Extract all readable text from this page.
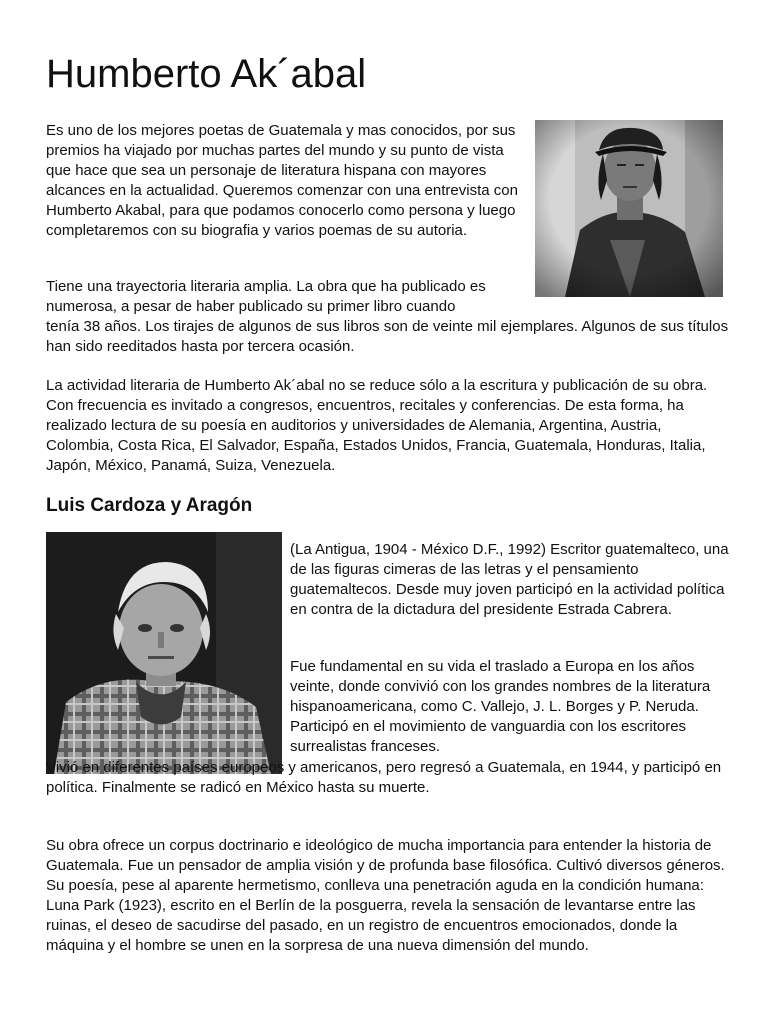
Humberto Ak´abal

Es uno de los mejores poetas de Guatemala y mas conocidos, por sus premios ha viajado por muchas partes del mundo y su punto de vista que hace que sea un personaje de literatura hispana con mayores alcances en la actualidad. Queremos comenzar con una entrevista con Humberto Akabal, para que podamos conocerlo como persona y luego completaremos con su biografia y varios poemas de su autoria.

Tiene una trayectoria literaria amplia. La obra que ha publicado es numerosa, a pesar de haber publicado su primer libro cuando
tenía 38 años. Los tirajes de algunos de sus libros son de veinte mil ejemplares. Algunos de sus títulos han sido reeditados hasta por tercera ocasión.

La actividad literaria de Humberto Ak´abal no se reduce sólo a la escritura y publicación de su obra. Con frecuencia es invitado a congresos, encuentros, recitales y conferencias. De esta forma, ha realizado lectura de su poesía en auditorios y universidades de Alemania, Argentina, Austria, Colombia, Costa Rica, El Salvador, España, Estados Unidos, Francia, Guatemala, Honduras, Italia, Japón, México, Panamá, Suiza, Venezuela.

Luis Cardoza y Aragón

(La Antigua, 1904 - México D.F., 1992) Escritor guatemalteco, una de las figuras cimeras de las letras y el pensamiento guatemaltecos. Desde muy joven participó en la actividad política en contra de la dictadura del presidente Estrada Cabrera.

Fue fundamental en su vida el traslado a Europa en los años veinte, donde convivió con los grandes nombres de la literatura hispanoamericana, como C. Vallejo, J. L. Borges y P. Neruda. Participó en el movimiento de vanguardia con los escritores surrealistas franceses.

Vivió en diferentes países europeos y americanos, pero regresó a Guatemala, en 1944, y participó en política. Finalmente se radicó en México hasta su muerte.

Su obra ofrece un corpus doctrinario e ideológico de mucha importancia para entender la historia de Guatemala. Fue un pensador de amplia visión y de profunda base filosófica. Cultivó diversos géneros. Su poesía, pese al aparente hermetismo, conlleva una penetración aguda en la condición humana: Luna Park (1923), escrito en el Berlín de la posguerra, revela la sensación de levantarse entre las ruinas, el deseo de sacudirse del pasado, en un registro de encuentros emocionados, donde la máquina y el hombre se unen en la sorpresa de una nueva dimensión del mundo.
